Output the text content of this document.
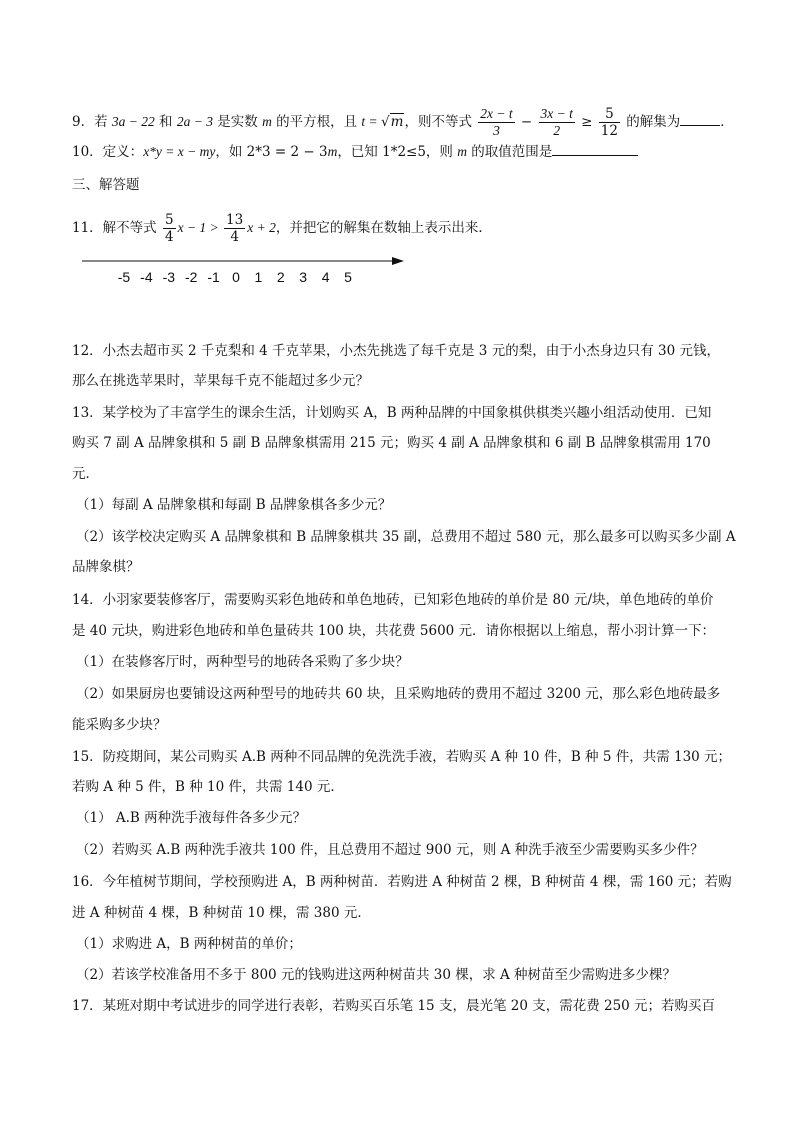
9．若 3a − 22 和 2a − 3 是实数 m 的平方根，且 t = √m，则不等式 $\frac{2x - t}{3} - \frac{3x - t}{2} \ge \frac{5}{12}$ 的解集为	．
10．定义：x*y = x − my，如 2*3 = 2 − 3m，已知 1*2≤5，则 m 的取值范围是
三、解答题
11．解不等式 $\frac{5}{4}$ $x - 1 > \frac{13}{4}$ x + 2，并把它的解集在数轴上表示出来．
-5 -4 -3 -2 -1 0 1 2 3 4 5
12．小杰去超市买 2 千克梨和 4 千克苹果，小杰先挑选了每千克是 3 元的梨，由于小杰身边只有 30 元钱，
那么在挑选苹果时，苹果每千克不能超过多少元？
13．某学校为了丰富学生的课余生活，计划购买 A，B 两种品牌的中国象棋供棋类兴趣小组活动使用．已知
购买 7 副 A 品牌象棋和 5 副 B 品牌象棋需用 215 元；购买 4 副 A 品牌象棋和 6 副 B 品牌象棋需用 170
元．
（1）每副 A 品牌象棋和每副 B 品牌象棋各多少元？
（2）该学校决定购买 A 品牌象棋和 B 品牌象棋共 35 副，总费用不超过 580 元，那么最多可以购买多少副 A
品牌象棋？
14．小羽家要装修客厅，需要购买彩色地砖和单色地砖，已知彩色地砖的单价是 80 元/块，单色地砖的单价
是 40 元块，购进彩色地砖和单色量砖共 100 块，共花费 5600 元．请你根据以上缩息，帮小羽计算一下：
（1）在装修客厅时，两种型号的地砖各采购了多少块？
（2）如果厨房也要铺设这两种型号的地砖共 60 块，且采购地砖的费用不超过 3200 元，那么彩色地砖最多
能采购多少块？
15．防疫期间，某公司购买 A.B 两种不同品牌的免洗洗手液，若购买 A 种 10 件，B 种 5 件，共需 130 元；
若购 A 种 5 件，B 种 10 件，共需 140 元．
（1） A.B 两种洗手液每件各多少元？
（2）若购买 A.B 两种洗手液共 100 件，且总费用不超过 900 元，则 A 种洗手液至少需要购买多少件？
16．今年植树节期间，学校预购进 A，B 两种树苗．若购进 A 种树苗 2 棵，B 种树苗 4 棵，需 160 元；若购
进 A 种树苗 4 棵，B 种树苗 10 棵，需 380 元．
（1）求购进 A，B 两种树苗的单价；
（2）若该学校准备用不多于 800 元的钱购进这两种树苗共 30 棵，求 A 种树苗至少需购进多少棵？
17．某班对期中考试进步的同学进行表彰，若购买百乐笔 15 支，晨光笔 20 支，需花费 250 元；若购买百
